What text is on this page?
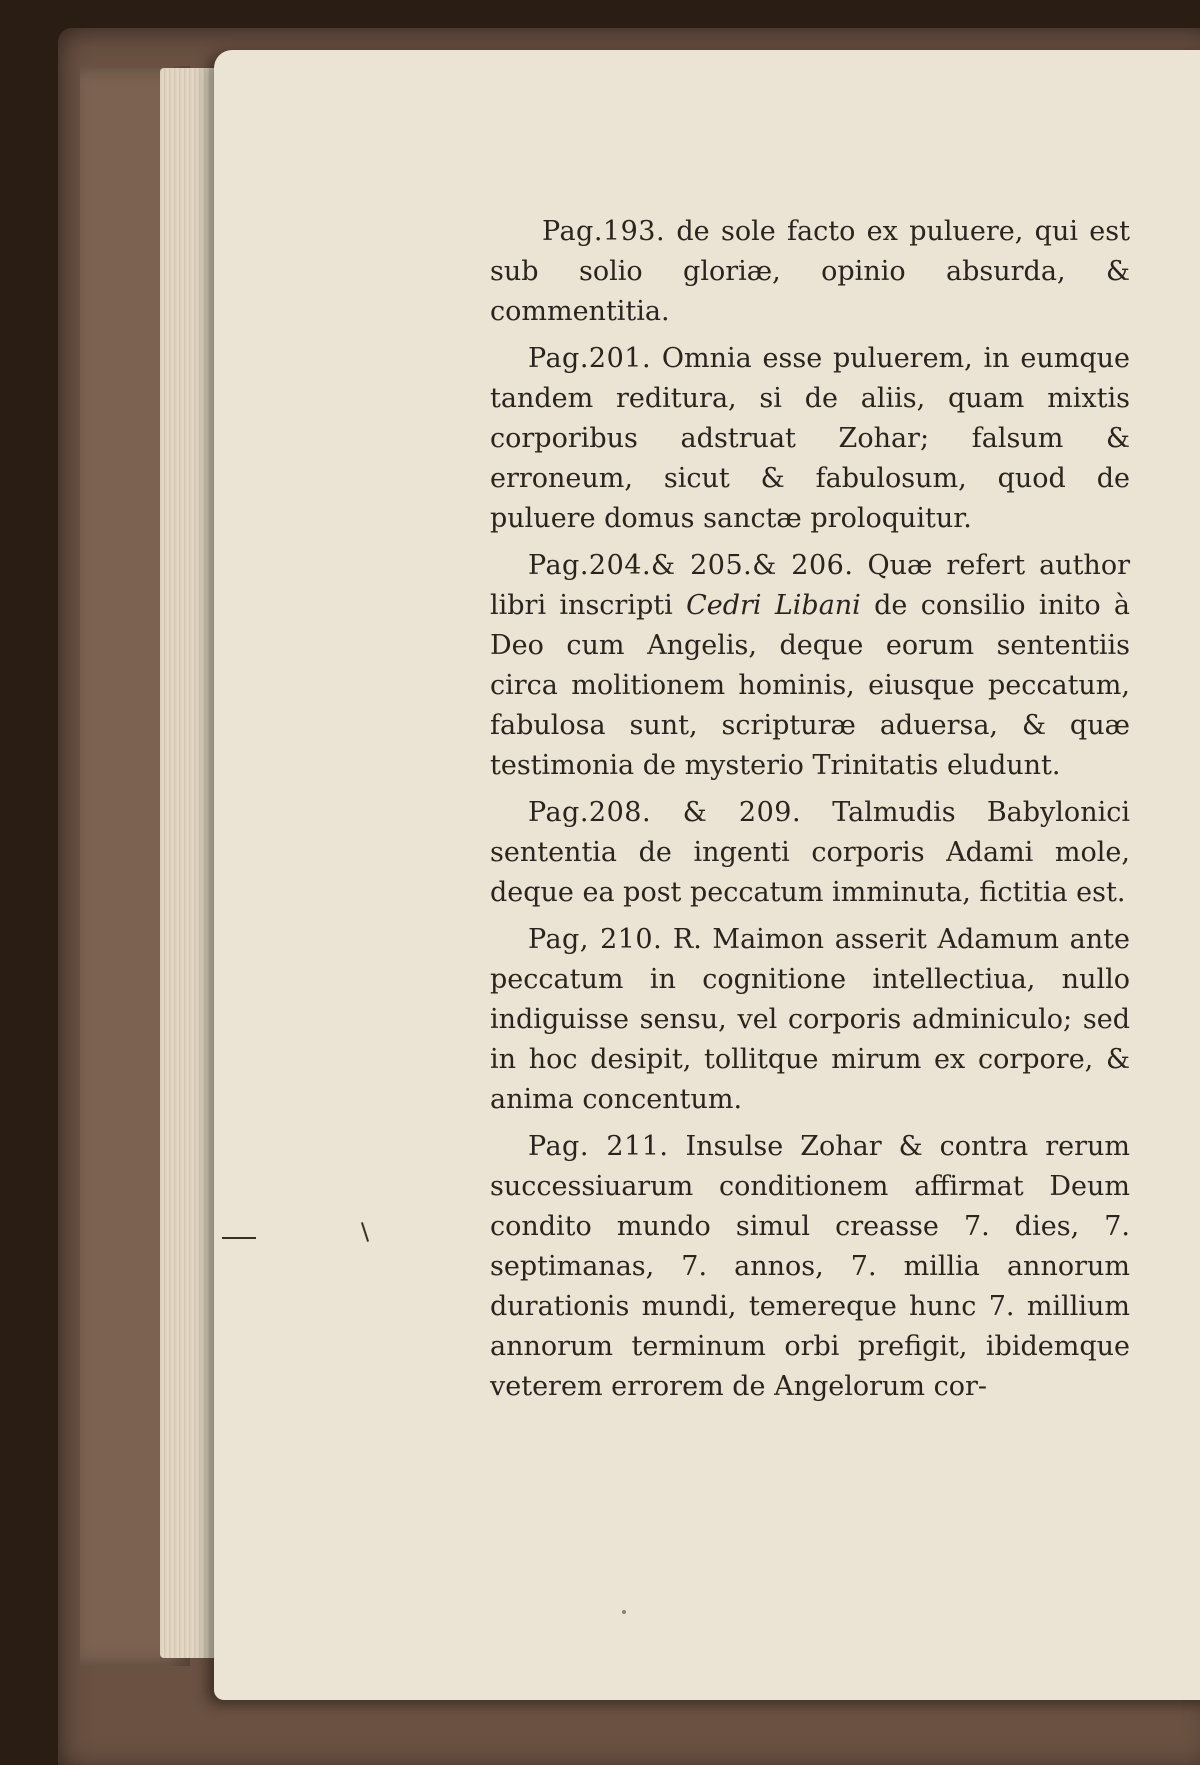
Pag.193. de sole facto ex puluere, qui est sub solio gloriæ, opinio absurda, & commentitia.

Pag.201. Omnia esse puluerem, in eumque tandem reditura, si de aliis, quam mixtis corporibus adstruat Zohar; falsum & erroneum, sicut & fabulosum, quod de puluere domus sanctæ proloquitur.

Pag.204.& 205.& 206. Quæ refert author libri inscripti Cedri Libani de consilio inito à Deo cum Angelis, deque eorum sententiis circa molitionem hominis, eiusque peccatum, fabulosa sunt, scripturæ aduersa, & quæ testimonia de mysterio Trinitatis eludunt.

Pag.208. & 209. Talmudis Babylonici sententia de ingenti corporis Adami mole, deque ea post peccatum imminuta, fictitia est.

Pag, 210. R. Maimon asserit Adamum ante peccatum in cognitione intellectiua, nullo indiguisse sensu, vel corporis adminiculo; sed in hoc desipit, tollitque mirum ex corpore, & anima concentum.

Pag. 211. Insulse Zohar & contra rerum successiuarum conditionem affirmat Deum condito mundo simul creasse 7. dies, 7. septimanas, 7. annos, 7. millia annorum durationis mundi, temereque hunc 7. millium annorum terminum orbi prefigit, ibidemque veterem errorem de Angelorum cor-
